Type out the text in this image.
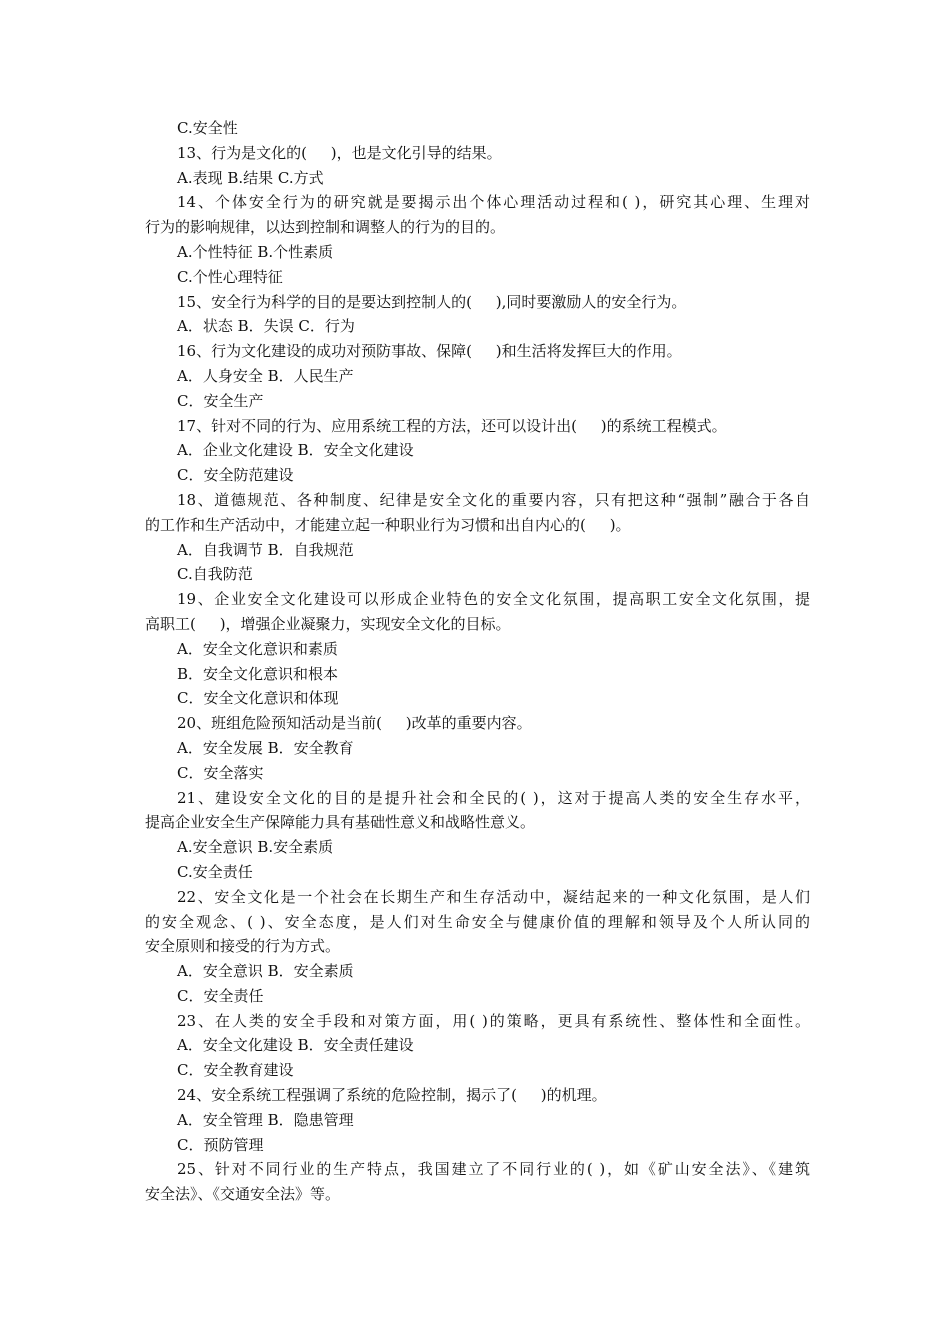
C.安全性
13、行为是文化的(     )，也是文化引导的结果。
A.表现 B.结果 C.方式
14、个体安全行为的研究就是要揭示出个体心理活动过程和( )，研究其心理、生理对
行为的影响规律，以达到控制和调整人的行为的目的。
A.个性特征 B.个性素质
C.个性心理特征
15、安全行为科学的目的是要达到控制人的(     ),同时要激励人的安全行为。
A．状态 B．失误 C．行为
16、行为文化建设的成功对预防事故、保障(     )和生活将发挥巨大的作用。
A．人身安全 B．人民生产
C．安全生产
17、针对不同的行为、应用系统工程的方法，还可以设计出(     )的系统工程模式。
A．企业文化建设 B．安全文化建设
C．安全防范建设
18、道德规范、各种制度、纪律是安全文化的重要内容，只有把这种“强制”融合于各自
的工作和生产活动中，才能建立起一种职业行为习惯和出自内心的(     )。
A．自我调节 B．自我规范
C.自我防范
19、企业安全文化建设可以形成企业特色的安全文化氛围，提高职工安全文化氛围，提
高职工(     )，增强企业凝聚力，实现安全文化的目标。
A．安全文化意识和素质
B．安全文化意识和根本
C．安全文化意识和体现
20、班组危险预知活动是当前(     )改革的重要内容。
A．安全发展 B．安全教育
C．安全落实
21、建设安全文化的目的是提升社会和全民的( )，这对于提高人类的安全生存水平，
提高企业安全生产保障能力具有基础性意义和战略性意义。
A.安全意识 B.安全素质
C.安全责任
22、安全文化是一个社会在长期生产和生存活动中，凝结起来的一种文化氛围，是人们
的安全观念、( )、安全态度，是人们对生命安全与健康价值的理解和领导及个人所认同的
安全原则和接受的行为方式。
A．安全意识 B．安全素质
C．安全责任
23、在人类的安全手段和对策方面，用( )的策略，更具有系统性、整体性和全面性。
A．安全文化建设 B．安全责任建设
C．安全教育建设
24、安全系统工程强调了系统的危险控制，揭示了(     )的机理。
A．安全管理 B．隐患管理
C．预防管理
25、针对不同行业的生产特点，我国建立了不同行业的( )，如《矿山安全法》、《建筑
安全法》、《交通安全法》等。
